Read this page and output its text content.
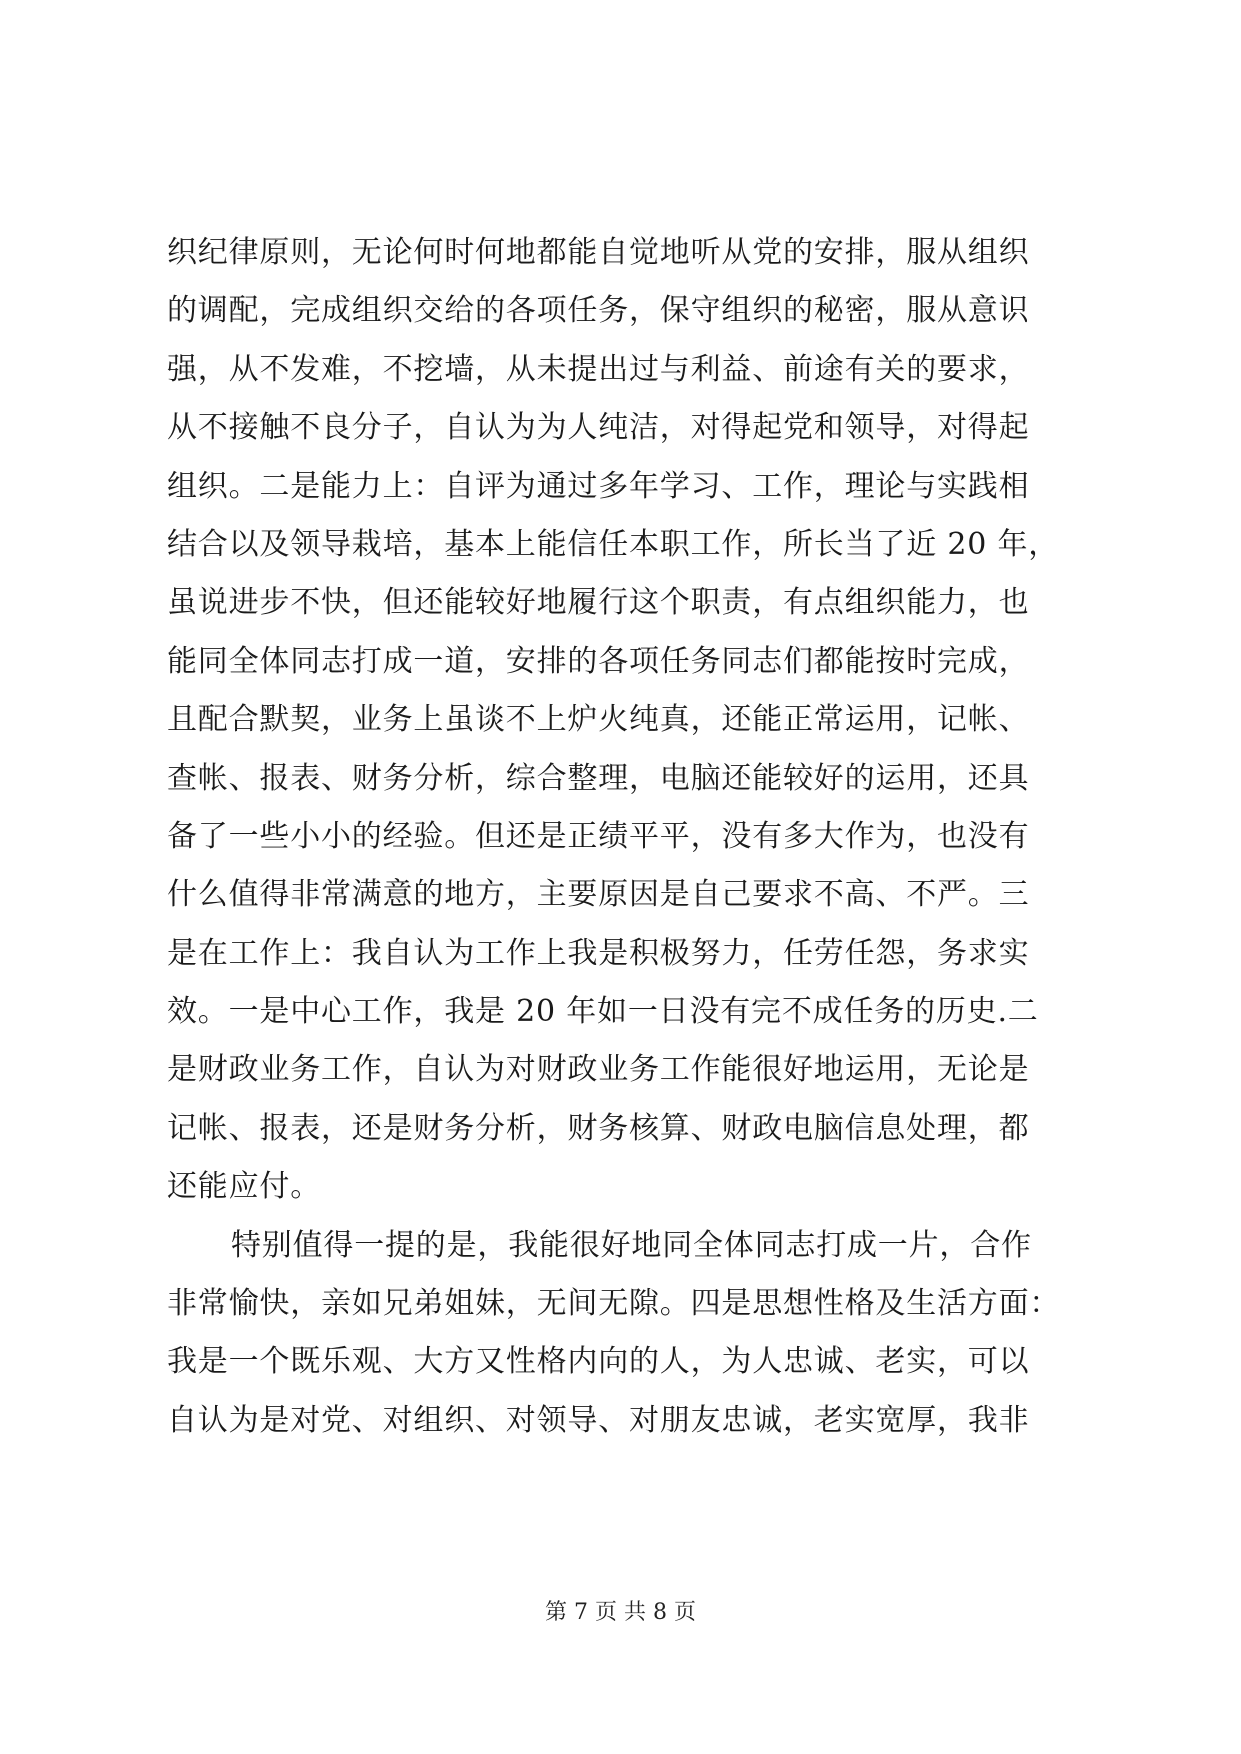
织纪律原则，无论何时何地都能自觉地听从党的安排，服从组织
的调配，完成组织交给的各项任务，保守组织的秘密，服从意识
强，从不发难，不挖墙，从未提出过与利益、前途有关的要求，
从不接触不良分子，自认为为人纯洁，对得起党和领导，对得起
组织。二是能力上：自评为通过多年学习、工作，理论与实践相
结合以及领导栽培，基本上能信任本职工作，所长当了近 20 年，
虽说进步不快，但还能较好地履行这个职责，有点组织能力，也
能同全体同志打成一道，安排的各项任务同志们都能按时完成，
且配合默契，业务上虽谈不上炉火纯真，还能正常运用，记帐、
查帐、报表、财务分析，综合整理，电脑还能较好的运用，还具
备了一些小小的经验。但还是正绩平平，没有多大作为，也没有
什么值得非常满意的地方，主要原因是自己要求不高、不严。三
是在工作上：我自认为工作上我是积极努力，任劳任怨，务求实
效。一是中心工作，我是 20 年如一日没有完不成任务的历史.二
是财政业务工作，自认为对财政业务工作能很好地运用，无论是
记帐、报表，还是财务分析，财务核算、财政电脑信息处理，都
还能应付。
特别值得一提的是，我能很好地同全体同志打成一片，合作
非常愉快，亲如兄弟姐妹，无间无隙。四是思想性格及生活方面：
我是一个既乐观、大方又性格内向的人，为人忠诚、老实，可以
自认为是对党、对组织、对领导、对朋友忠诚，老实宽厚，我非
第 7 页 共 8 页
